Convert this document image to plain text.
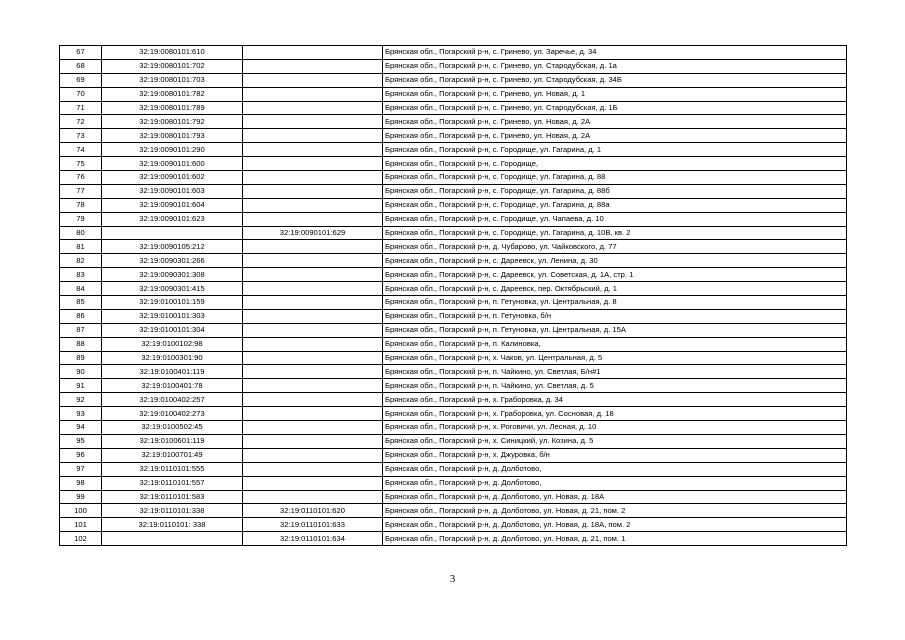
67	32:19:0080101:610		Брянская обл., Погарский р-н, с. Гринево, ул. Заречье, д. 34
68	32:19:0080101:702		Брянская обл., Погарский р-н, с. Гринево, ул. Стародубская, д. 1а
69	32:19:0080101:703		Брянская обл., Погарский р-н, с. Гринево, ул. Стародубская, д. 34Б
70	32:19:0080101:782		Брянская обл., Погарский р-н, с. Гринево, ул. Новая, д. 1
71	32:19:0080101:789		Брянская обл., Погарский р-н, с. Гринево, ул. Стародубская, д. 1Б
72	32:19:0080101:792		Брянская обл., Погарский р-н, с. Гринево, ул. Новая, д. 2А
73	32:19:0080101:793		Брянская обл., Погарский р-н, с. Гринево, ул. Новая, д. 2А
74	32:19:0090101:290		Брянская обл., Погарский р-н, с. Городище, ул. Гагарина, д. 1
75	32:19:0090101:600		Брянская обл., Погарский р-н, с. Городище,
76	32:19:0090101:602		Брянская обл., Погарский р-н, с. Городище, ул. Гагарина, д. 88
77	32:19:0090101:603		Брянская обл., Погарский р-н, с. Городище, ул. Гагарина, д. 88б
78	32:19:0090101:604		Брянская обл., Погарский р-н, с. Городище, ул. Гагарина, д. 88а
79	32:19:0090101:623		Брянская обл., Погарский р-н, с. Городище, ул. Чапаева, д. 10
80		32:19:0090101:629	Брянская обл., Погарский р-н, с. Городище, ул. Гагарина, д. 10В, кв. 2
81	32:19:0090105:212		Брянская обл., Погарский р-н, д. Чубарово, ул. Чайковского, д. 77
82	32:19:0090301:266		Брянская обл., Погарский р-н, с. Дареевск, ул. Ленина, д. 30
83	32:19:0090301:308		Брянская обл., Погарский р-н, с. Дареевск, ул. Советская, д. 1А, стр. 1
84	32:19:0090301:415		Брянская обл., Погарский р-н, с. Дареевск, пер. Октябрьский, д. 1
85	32:19:0100101:159		Брянская обл., Погарский р-н, п. Гетуновка, ул. Центральная, д. 8
86	32:19:0100101:303		Брянская обл., Погарский р-н, п. Гетуновка, б/н
87	32:19:0100101:304		Брянская обл., Погарский р-н, п. Гетуновка, ул. Центральная, д. 15А
88	32:19:0100102:98		Брянская обл., Погарский р-н, п. Калиновка,
89	32:19:0100301:90		Брянская обл., Погарский р-н, х. Чаков, ул. Центральная, д. 5
90	32:19:0100401:119		Брянская обл., Погарский р-н, п. Чайкино, ул. Светлая, Б/н#1
91	32:19:0100401:78		Брянская обл., Погарский р-н, п. Чайкино, ул. Светлая, д. 5
92	32:19:0100402:257		Брянская обл., Погарский р-н, х. Граборовка, д. 34
93	32:19:0100402:273		Брянская обл., Погарский р-н, х. Граборовка, ул. Сосновая, д. 18
94	32:19:0100502:45		Брянская обл., Погарский р-н, х. Роговичи, ул. Лесная, д. 10
95	32:19:0100601:119		Брянская обл., Погарский р-н, х. Синицкий, ул. Козина, д. 5
96	32:19:0100701:49		Брянская обл., Погарский р-н, х. Джуровка, б/н
97	32:19:0110101:555		Брянская обл., Погарский р-н, д. Долботово,
98	32:19:0110101:557		Брянская обл., Погарский р-н, д. Долботово,
99	32:19:0110101:583		Брянская обл., Погарский р-н, д. Долботово, ул. Новая, д. 18А
100	32:19:0110101:338	32:19:0110101:620	Брянская обл., Погарский р-н, д. Долботово, ул. Новая, д. 21, пом. 2
101	32:19:0110101: 338	32:19:0110101:633	Брянская обл., Погарский р-н, д. Долботово, ул. Новая, д. 18А, пом. 2
102		32:19:0110101:634	Брянская обл., Погарский р-н, д. Долботово, ул. Новая, д. 21, пом. 1
3
